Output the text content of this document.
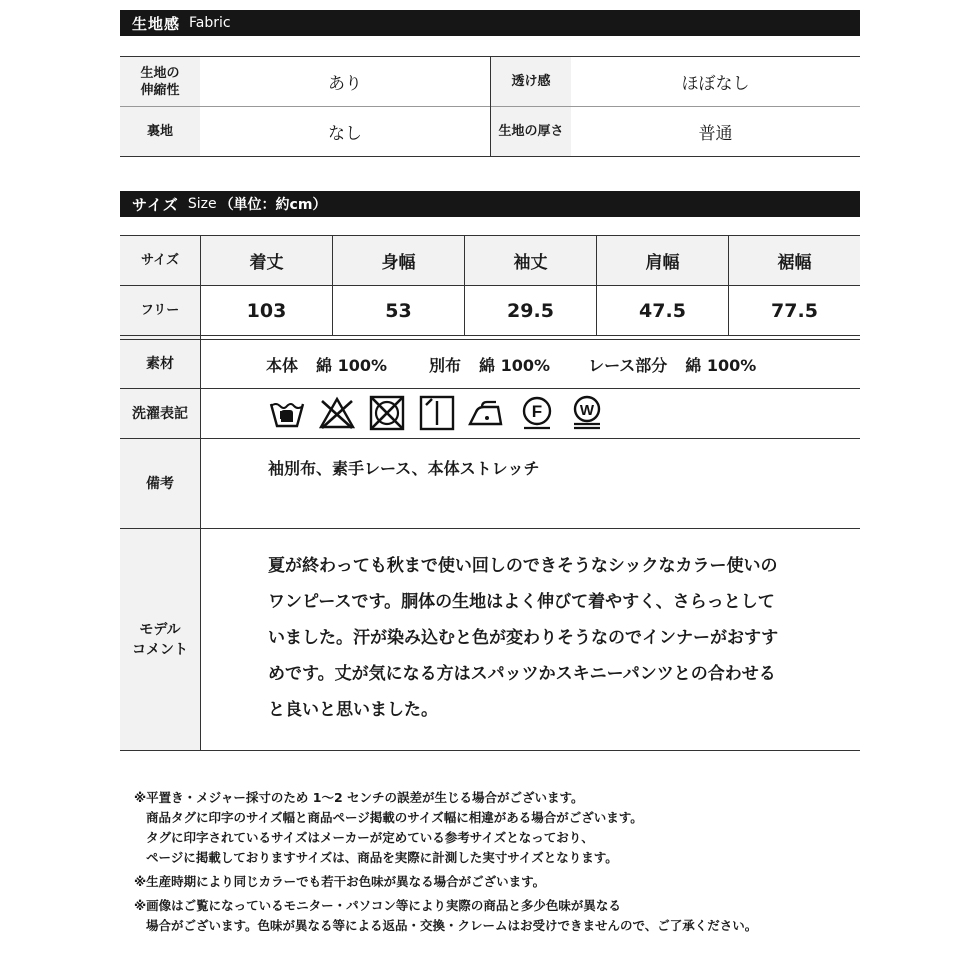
生地感 Fabric
生地の
伸縮性	あり	透け感	ほぼなし
裏地	なし	生地の厚さ	普通
サイズ Size （単位：約cm）
サイズ	着丈	身幅	袖丈	肩幅	裾幅
フリー	103	53	29.5	47.5	77.5
素材	本体 綿 100%	別布 綿 100% レース部分 綿 100%
洗濯表記	F	W
備考
袖別布、素手レース、本体ストレッチ
モデル
コメント

夏が終わっても秋まで使い回しのできそうなシックなカラー使いの

ワンピースです。胴体の生地はよく伸びて着やすく、さらっとして

いました。汗が染み込むと色が変わりそうなのでインナーがおすす

めです。丈が気になる方はスパッツかスキニーパンツとの合わせる

と良いと思いました。

※平置き・メジャー採寸のため 1〜2 センチの誤差が生じる場合がございます。

商品タグに印字のサイズ幅と商品ページ掲載のサイズ幅に相違がある場合がございます。

タグに印字されているサイズはメーカーが定めている参考サイズとなっており、

ページに掲載しておりますサイズは、商品を実際に計測した実寸サイズとなります。

※生産時期により同じカラーでも若干お色味が異なる場合がございます。

※画像はご覧になっているモニター・パソコン等により実際の商品と多少色味が異なる

場合がございます。色味が異なる等による返品・交換・クレームはお受けできませんので、ご了承ください。
